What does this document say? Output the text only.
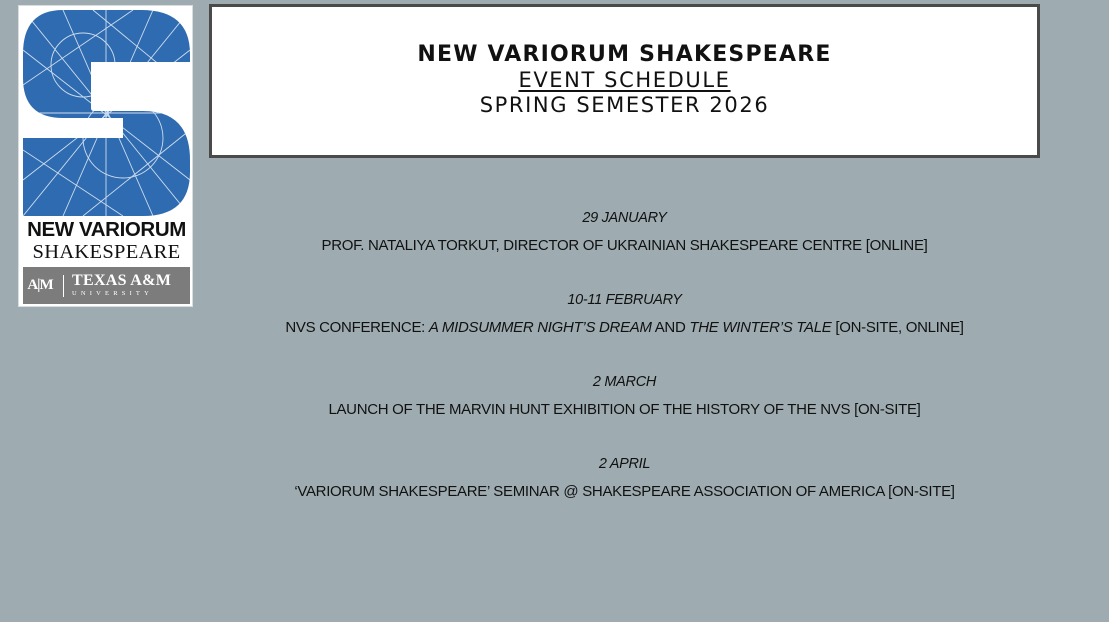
NEW VARIORUM
SHAKESPEARE
A|M TEXAS A&M
UNIVERSITY
NEW VARIORUM SHAKESPEARE
EVENT SCHEDULE
SPRING SEMESTER 2026
29 JANUARY
PROF. NATALIYA TORKUT, DIRECTOR OF UKRAINIAN SHAKESPEARE CENTRE [ONLINE]
10-11 FEBRUARY
NVS CONFERENCE: A MIDSUMMER NIGHT’S DREAM AND THE WINTER’S TALE [ON-SITE, ONLINE]
2 MARCH
LAUNCH OF THE MARVIN HUNT EXHIBITION OF THE HISTORY OF THE NVS [ON-SITE]
2 APRIL
‘VARIORUM SHAKESPEARE’ SEMINAR @ SHAKESPEARE ASSOCIATION OF AMERICA [ON-SITE]
